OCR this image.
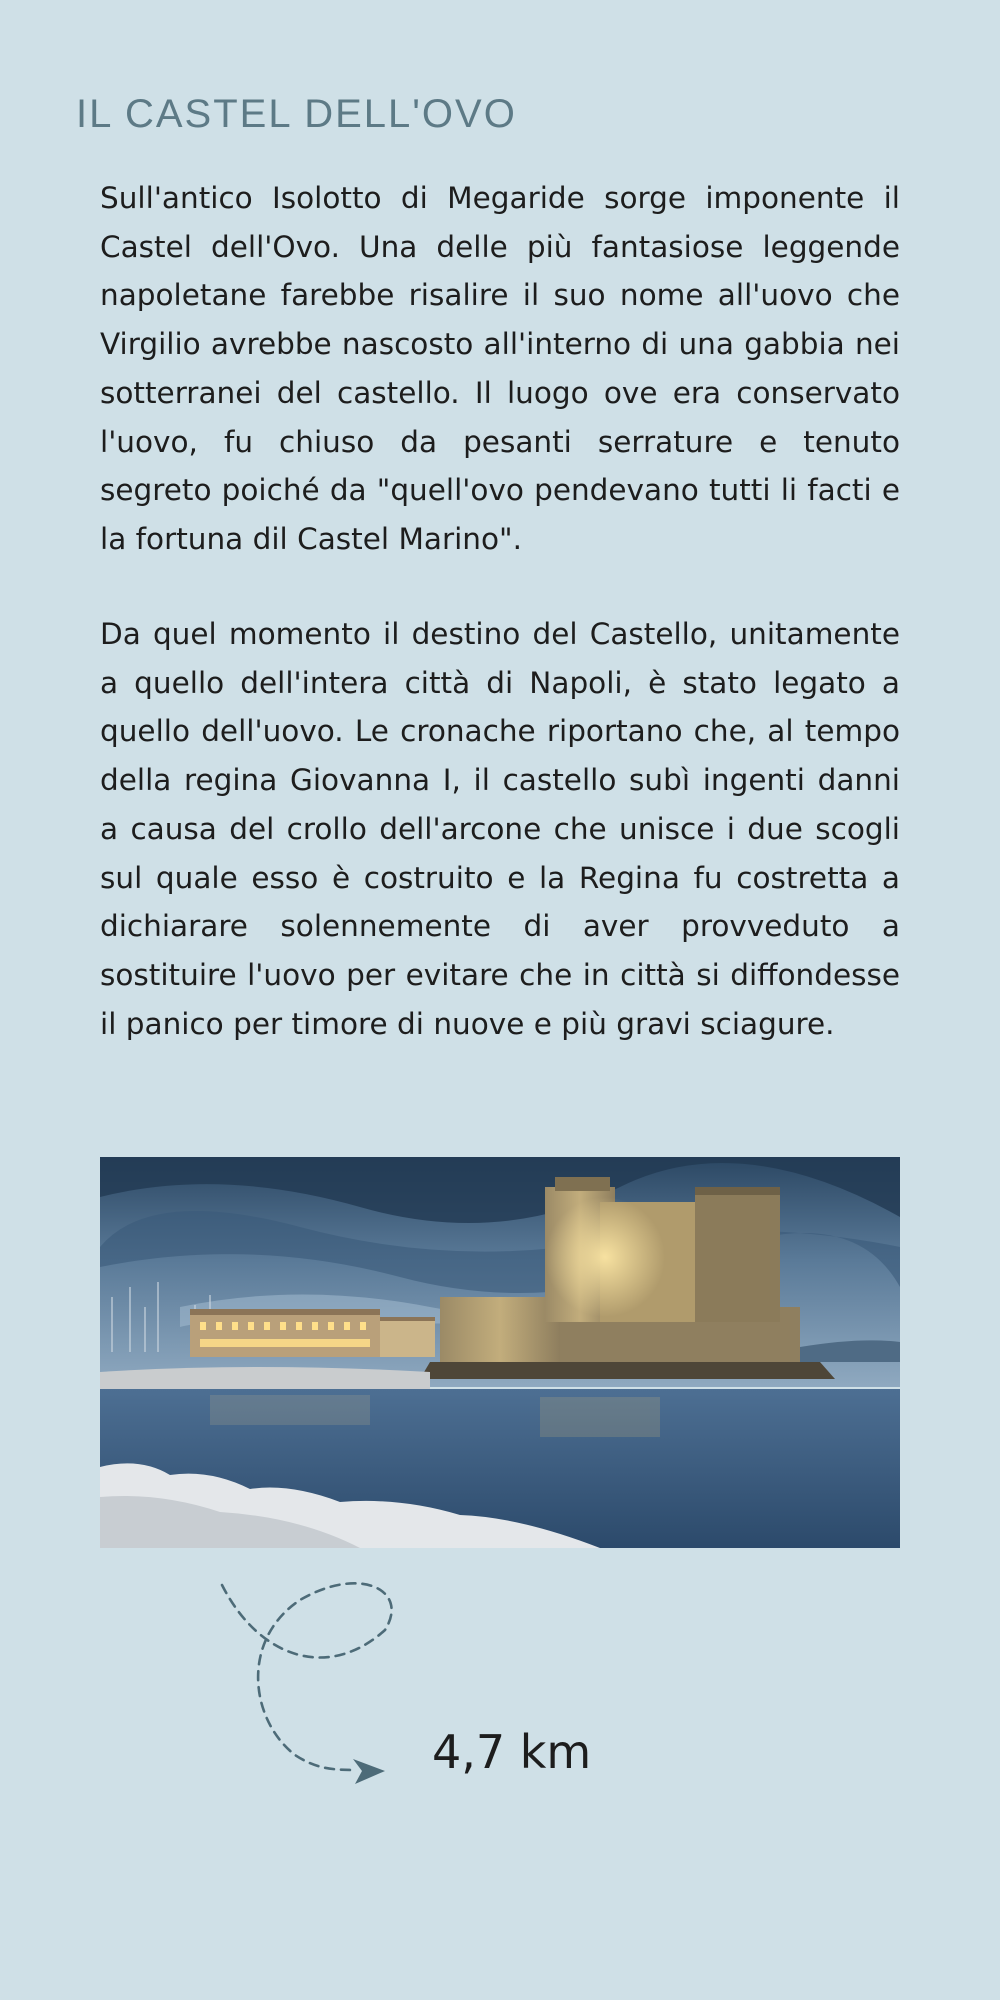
IL CASTEL DELL'OVO

Sull'antico Isolotto di Megaride sorge imponente il Castel dell'Ovo. Una delle più fantasiose leggende napoletane farebbe risalire il suo nome all'uovo che Virgilio avrebbe nascosto all'interno di una gabbia nei sotterranei del castello. Il luogo ove era conservato l'uovo, fu chiuso da pesanti serrature e tenuto segreto poiché da "quell'ovo pendevano tutti li facti e la fortuna dil Castel Marino".

Da quel momento il destino del Castello, unitamente a quello dell'intera città di Napoli, è stato legato a quello dell'uovo. Le cronache riportano che, al tempo della regina Giovanna I, il castello subì ingenti danni a causa del crollo dell'arcone che unisce i due scogli sul quale esso è costruito e la Regina fu costretta a dichiarare solennemente di aver provveduto a sostituire l'uovo per evitare che in città si diffondesse il panico per timore di nuove e più gravi sciagure.

4,7 km
